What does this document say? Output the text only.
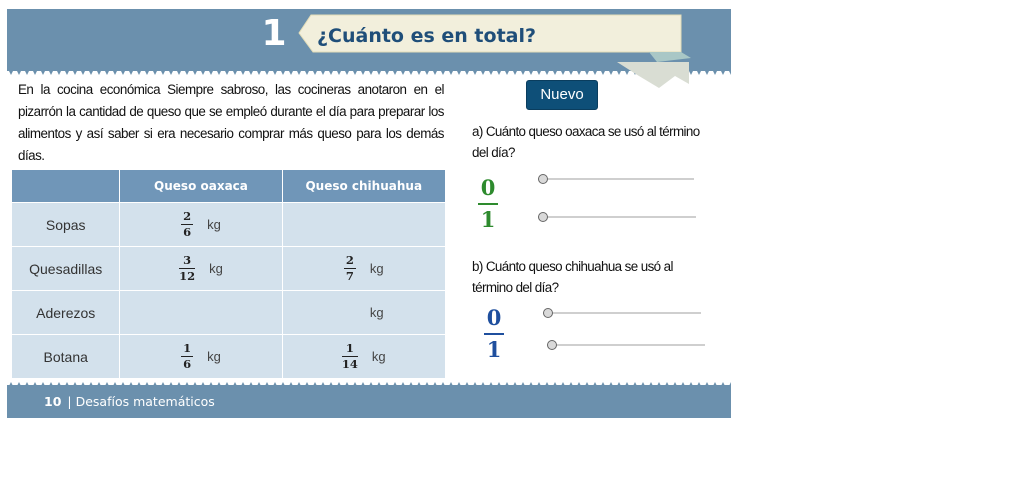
1 ¿Cuánto es en total?
En la cocina económica Siempre sabroso, las cocineras anotaron en el pizarrón la cantidad de queso que se empleó durante el día para preparar los alimentos y así saber si era necesario comprar más queso para los demás días.
	Queso oaxaca	Queso chihuahua
Sopas	$\frac{2}{6}$ kg	

Quesadillas	$\frac{3}{12}$ kg	$\frac{2}{7}$ kg

Aderezos		kg

Botana	$\frac{1}{6}$ kg	$\frac{1}{14}$ kg
Nuevo
a) Cuánto queso oaxaca se usó al término del día?
0
1
b) Cuánto queso chihuahua se usó al término del día?
0
1
10 | Desafíos matemáticos
